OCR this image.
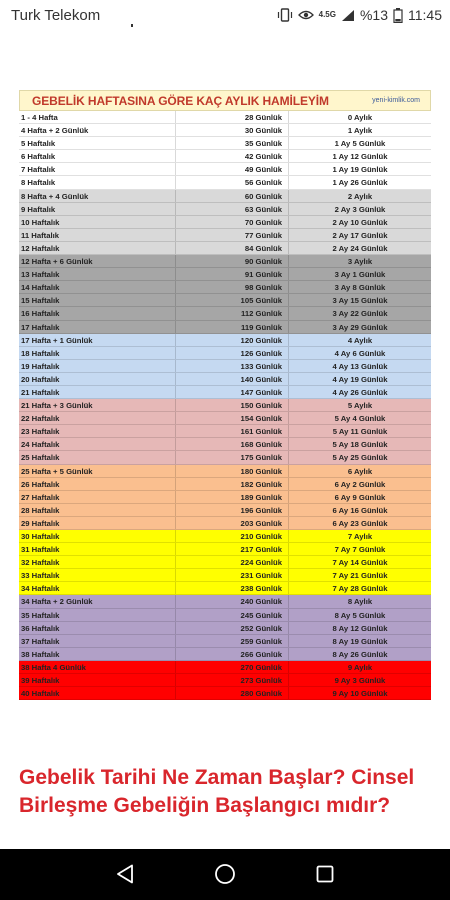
Turk Telekom	4.5G %13 11:45
GEBELİK HAFTASINA GÖRE KAÇ AYLIK HAMİLEYİM	yeni-kimlik.com
1 - 4 Hafta	28 Günlük	0 Aylık
4 Hafta + 2 Günlük	30 Günlük	1 Aylık
5 Haftalık	35 Günlük	1 Ay 5 Günlük
6 Haftalık	42 Günlük	1 Ay 12 Günlük
7 Haftalık	49 Günlük	1 Ay 19 Günlük
8 Haftalık	56 Günlük	1 Ay 26 Günlük
8 Hafta + 4 Günlük	60 Günlük	2 Aylık
9 Haftalık	63 Günlük	2 Ay 3 Günlük
10 Haftalık	70 Günlük	2 Ay 10 Günlük
11 Haftalık	77 Günlük	2 Ay 17 Günlük
12 Haftalık	84 Günlük	2 Ay 24 Günlük
12 Hafta + 6 Günlük	90 Günlük	3 Aylık
13 Haftalık	91 Günlük	3 Ay 1 Günlük
14 Haftalık	98 Günlük	3 Ay 8 Günlük
15 Haftalık	105 Günlük	3 Ay 15 Günlük
16 Haftalık	112 Günlük	3 Ay 22 Günlük
17 Haftalık	119 Günlük	3 Ay 29 Günlük
17 Hafta + 1 Günlük	120 Günlük	4 Aylık
18 Haftalık	126 Günlük	4 Ay 6 Günlük
19 Haftalık	133 Günlük	4 Ay 13 Günlük
20 Haftalık	140 Günlük	4 Ay 19 Günlük
21 Haftalık	147 Günlük	4 Ay 26 Günlük
21 Hafta + 3 Günlük	150 Günlük	5 Aylık
22 Haftalık	154 Günlük	5 Ay 4 Günlük
23 Haftalık	161 Günlük	5 Ay 11 Günlük
24 Haftalık	168 Günlük	5 Ay 18 Günlük
25 Haftalık	175 Günlük	5 Ay 25 Günlük
25 Hafta + 5 Günlük	180 Günlük	6 Aylık
26 Haftalık	182 Günlük	6 Ay 2 Günlük
27 Haftalık	189 Günlük	6 Ay 9 Günlük
28 Haftalık	196 Günlük	6 Ay 16 Günlük
29 Haftalık	203 Günlük	6 Ay 23 Günlük
30 Haftalık	210 Günlük	7 Aylık
31 Haftalık	217 Günlük	7 Ay 7 Günlük
32 Haftalık	224 Günlük	7 Ay 14 Günlük
33 Haftalık	231 Günlük	7 Ay 21 Günlük
34 Haftalık	238 Günlük	7 Ay 28 Günlük
34 Hafta + 2 Günlük	240 Günlük	8 Aylık
35 Haftalık	245 Günlük	8 Ay 5 Günlük
36 Haftalık	252 Günlük	8 Ay 12 Günlük
37 Haftalık	259 Günlük	8 Ay 19 Günlük
38 Haftalık	266 Günlük	8 Ay 26 Günlük
38 Hafta 4 Günlük	270 Günlük	9 Aylık
39 Haftalık	273 Günlük	9 Ay 3 Günlük
40 Haftalık	280 Günlük	9 Ay 10 Günlük
Gebelik Tarihi Ne Zaman Başlar? Cinsel Birleşme Gebeliğin Başlangıcı mıdır?
